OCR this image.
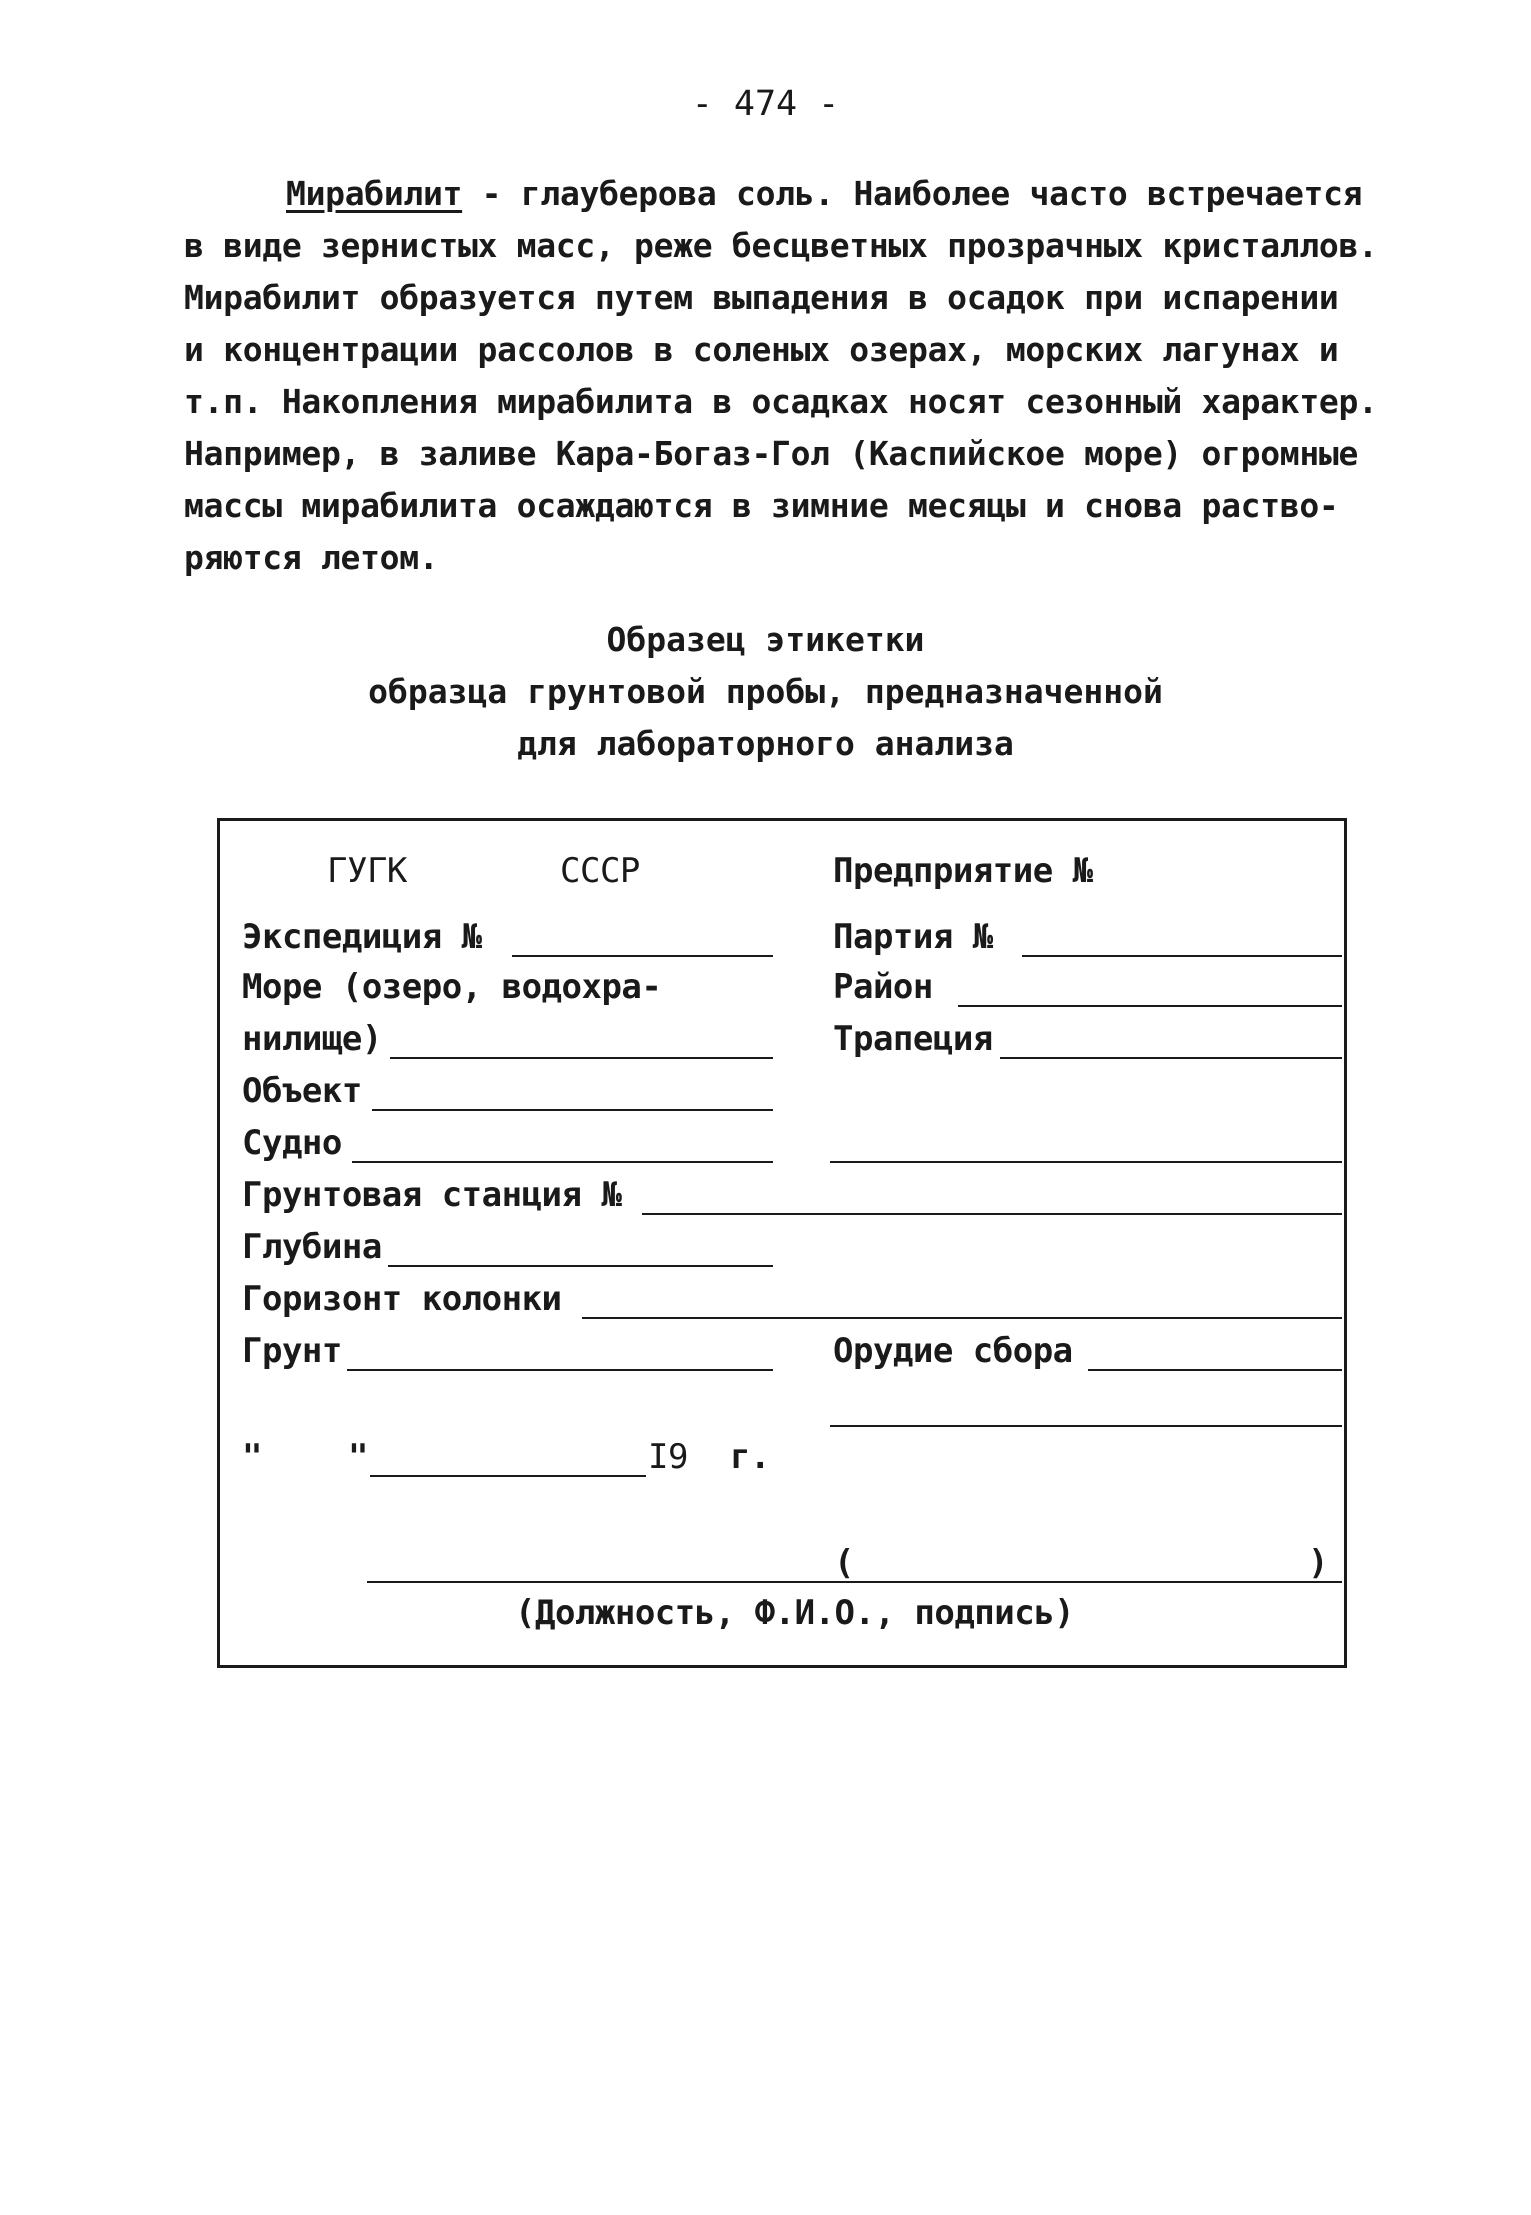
- 474 -
Мирабилит - глауберова соль. Наиболее часто встречается
в виде зернистых масс, реже бесцветных прозрачных кристаллов.
Мирабилит образуется путем выпадения в осадок при испарении
и концентрации рассолов в соленых озерах, морских лагунах и
т.п. Накопления мирабилита в осадках носят сезонный характер.
Например, в заливе Кара-Богаз-Гол (Каспийское море) огромные
массы мирабилита осаждаются в зимние месяцы и снова раство-
ряются летом.
Образец этикетки
образца грунтовой пробы, предназначенной
для лабораторного анализа
ГУГК	СССР	Предприятие №
Экспедиция №	Партия №
Море (озеро, водохра-	Район
нилище)	Трапеция
Объект
Судно
Грунтовая станция №
Глубина
Горизонт колонки
Грунт	Орудие сбора
"	"	I9 г.
(	)
(Должность, Ф.И.О., подпись)
